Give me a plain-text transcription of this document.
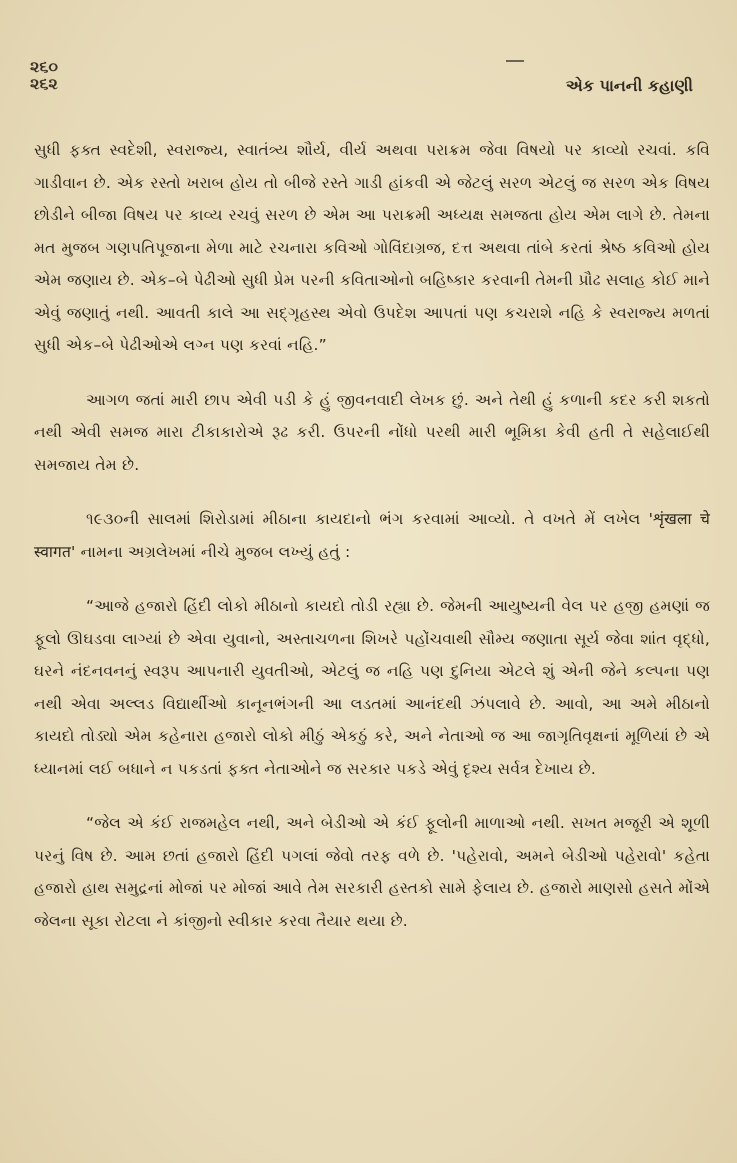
૨૬૦
૨૬૨	એક પાનની કહાણી

સુધી ફક્ત સ્વદેશી, સ્વરાજ્ય, સ્વાતંત્ર્ય શૌર્ય, વીર્ય અથવા પરાક્રમ જેવા વિષયો પર કાવ્યો રચવાં. કવિ ગાડીવાન છે. એક રસ્તો ખરાબ હોય તો બીજે રસ્તે ગાડી હાંકવી એ જેટલું સરળ એટલું જ સરળ એક વિષય છોડીને બીજા વિષય પર કાવ્ય રચવું સરળ છે એમ આ પરાક્રમી અધ્યક્ષ સમજતા હોય એમ લાગે છે. તેમના મત મુજબ ગણપતિપૂજાના મેળા માટે રચનારા કવિઓ ગોવિંદાગ્રજ, દત્ત અથવા તાંબે કરતાં શ્રેષ્ઠ કવિઓ હોય એમ જણાય છે. એક–બે પેઢીઓ સુધી પ્રેમ પરની કવિતાઓનો બહિષ્કાર કરવાની તેમની પ્રૌઢ સલાહ કોઈ માને એવું જણાતું નથી. આવતી કાલે આ સદ્‌ગૃહસ્થ એવો ઉપદેશ આપતાં પણ કચરાશે નહિ કે સ્વરાજ્ય મળતાં સુધી એક–બે પેઢીઓએ લગ્ન પણ કરવાં નહિ.”

આગળ જતાં મારી છાપ એવી પડી કે હું જીવનવાદી લેખક છું. અને તેથી હું કળાની કદર કરી શકતો નથી એવી સમજ મારા ટીકાકારોએ રૂઢ કરી. ઉપરની નોંધો પરથી મારી ભૂમિકા કેવી હતી તે સહેલાઈથી સમજાય તેમ છે.

૧૯૩૦ની સાલમાં શિરોડામાં મીઠાના કાયદાનો ભંગ કરવામાં આવ્યો. તે વખતે મેં લખેલ 'शृंखला चे स्वागत' નામના અગ્રલેખમાં નીચે મુજબ લખ્યું હતું :

“આજે હજારો હિંદી લોકો મીઠાનો કાયદો તોડી રહ્યા છે. જેમની આયુષ્યની વેલ પર હજી હમણાં જ ફૂલો ઊઘડવા લાગ્યાં છે એવા યુવાનો, અસ્તાચળના શિખરે પહોંચવાથી સૌમ્ય જણાતા સૂર્ય જેવા શાંત વૃદ્ધો, ઘરને નંદનવનનું સ્વરૂપ આપનારી યુવતીઓ, એટલું જ નહિ પણ દુનિયા એટલે શું એની જેને કલ્પના પણ નથી એવા અલ્લડ વિદ્યાર્થીઓ કાનૂનભંગની આ લડતમાં આનંદથી ઝંપલાવે છે. આવો, આ અમે મીઠાનો કાયદો તોડ્યો એમ કહેનારા હજારો લોકો મીઠું એકઠું કરે, અને નેતાઓ જ આ જાગૃતિવૃક્ષનાં મૂળિયાં છે એ ધ્યાનમાં લઈ બધાને ન પકડતાં ફક્ત નેતાઓને જ સરકાર પકડે એવું દૃશ્ય સર્વત્ર દેખાય છે.

“જેલ એ કંઈ રાજમહેલ નથી, અને બેડીઓ એ કંઈ ફૂલોની માળાઓ નથી. સખત મજૂરી એ શૂળી પરનું વિષ છે. આમ છતાં હજારો હિંદી પગલાં જેવો તરફ વળે છે. 'પહેરાવો, અમને બેડીઓ પહેરાવો' કહેતા હજારો હાથ સમુદ્રનાં મોજાં પર મોજાં આવે તેમ સરકારી હસ્તકો સામે ફેલાય છે. હજારો માણસો હસતે મોંએ જેલના સૂકા રોટલા ને કાંજીનો સ્વીકાર કરવા તૈયાર થયા છે.
